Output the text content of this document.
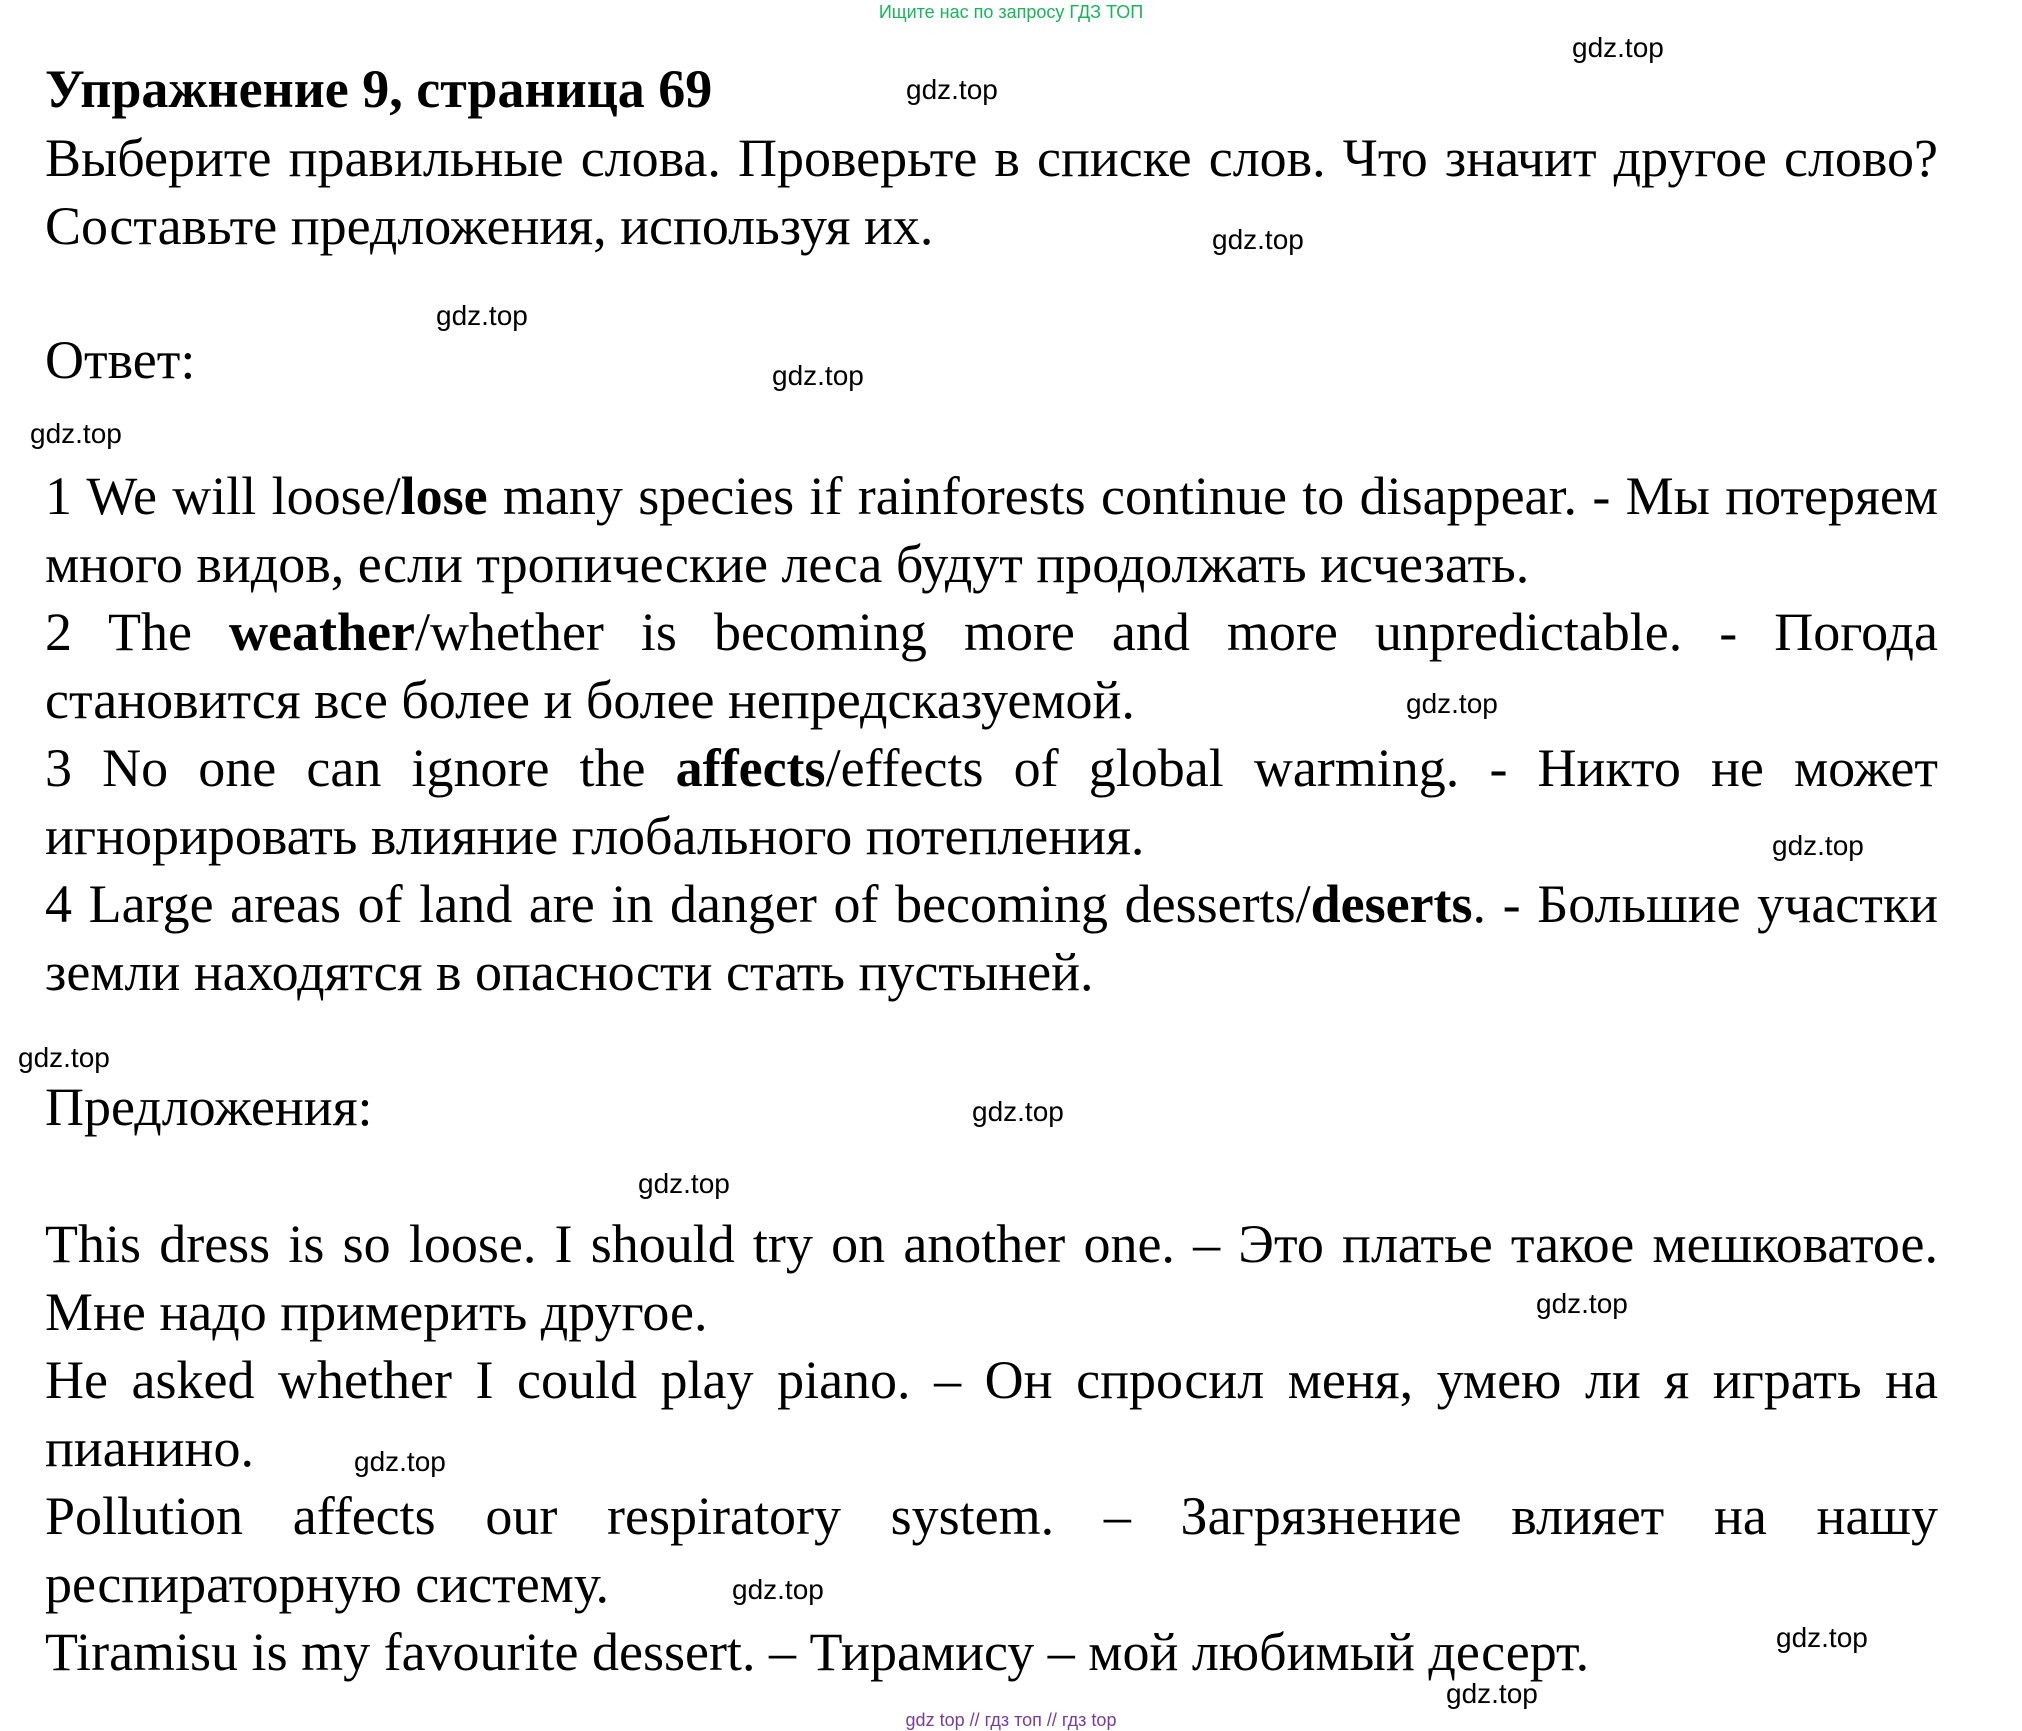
Ищите нас по запросу ГДЗ ТОП
Упражнение 9, страница 69
Выберите правильные слова. Проверьте в списке слов. Что значит другое слово? Составьте предложения, используя их.
Ответ:
1 We will loose/lose many species if rainforests continue to disappear. - Мы потеряем много видов, если тропические леса будут продолжать исчезать.
2 The weather/whether is becoming more and more unpredictable. - Погода становится все более и более непредсказуемой.
3 No one can ignore the affects/effects of global warming. - Никто не может игнорировать влияние глобального потепления.
4 Large areas of land are in danger of becoming desserts/deserts. - Большие участки земли находятся в опасности стать пустыней.
Предложения:
This dress is so loose. I should try on another one. – Это платье такое мешковатое. Мне надо примерить другое.
He asked whether I could play piano. – Он спросил меня, умею ли я играть на пианино.
Pollution affects our respiratory system. – Загрязнение влияет на нашу респираторную систему.
Tiramisu is my favourite dessert. – Тирамису – мой любимый десерт.
gdz.top
gdz.top
gdz.top
gdz.top
gdz.top
gdz.top
gdz.top
gdz.top
gdz.top
gdz.top
gdz.top
gdz.top
gdz.top
gdz.top
gdz.top
gdz.top
gdz top // гдз топ // гдз top
